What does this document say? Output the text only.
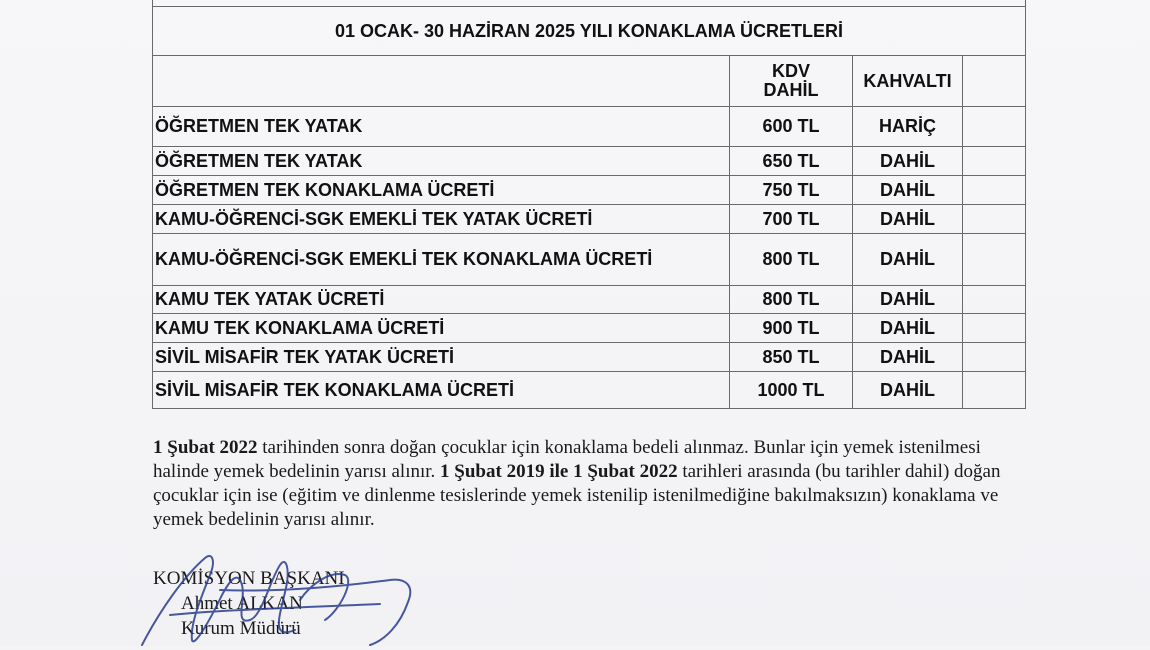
01 OCAK- 30 HAZİRAN 2025 YILI KONAKLAMA ÜCRETLERİ			
	KDV DAHİL	KAHVALTI	
ÖĞRETMEN TEK YATAK	600 TL	HARİÇ	
ÖĞRETMEN TEK YATAK	650 TL	DAHİL	
ÖĞRETMEN TEK KONAKLAMA ÜCRETİ	750 TL	DAHİL	
KAMU-ÖĞRENCİ-SGK EMEKLİ TEK YATAK ÜCRETİ	700 TL	DAHİL	

KAMU-ÖĞRENCİ-SGK EMEKLİ TEK KONAKLAMA ÜCRETİ	800 TL	DAHİL	
KAMU TEK YATAK ÜCRETİ	800 TL	DAHİL	
KAMU TEK KONAKLAMA ÜCRETİ	900 TL	DAHİL	
SİVİL MİSAFİR TEK YATAK ÜCRETİ	850 TL	DAHİL	
SİVİL MİSAFİR TEK KONAKLAMA ÜCRETİ	1000 TL	DAHİL	
1 Şubat 2022 tarihinden sonra doğan çocuklar için konaklama bedeli alınmaz. Bunlar için yemek istenilmesi halinde yemek bedelinin yarısı alınır. 1 Şubat 2019 ile 1 Şubat 2022 tarihleri arasında (bu tarihler dahil) doğan çocuklar için ise (eğitim ve dinlenme tesislerinde yemek istenilip istenilmediğine bakılmaksızın) konaklama ve yemek bedelinin yarısı alınır.
KOMİSYON BAŞKANI
Ahmet ALKAN
Kurum Müdürü
